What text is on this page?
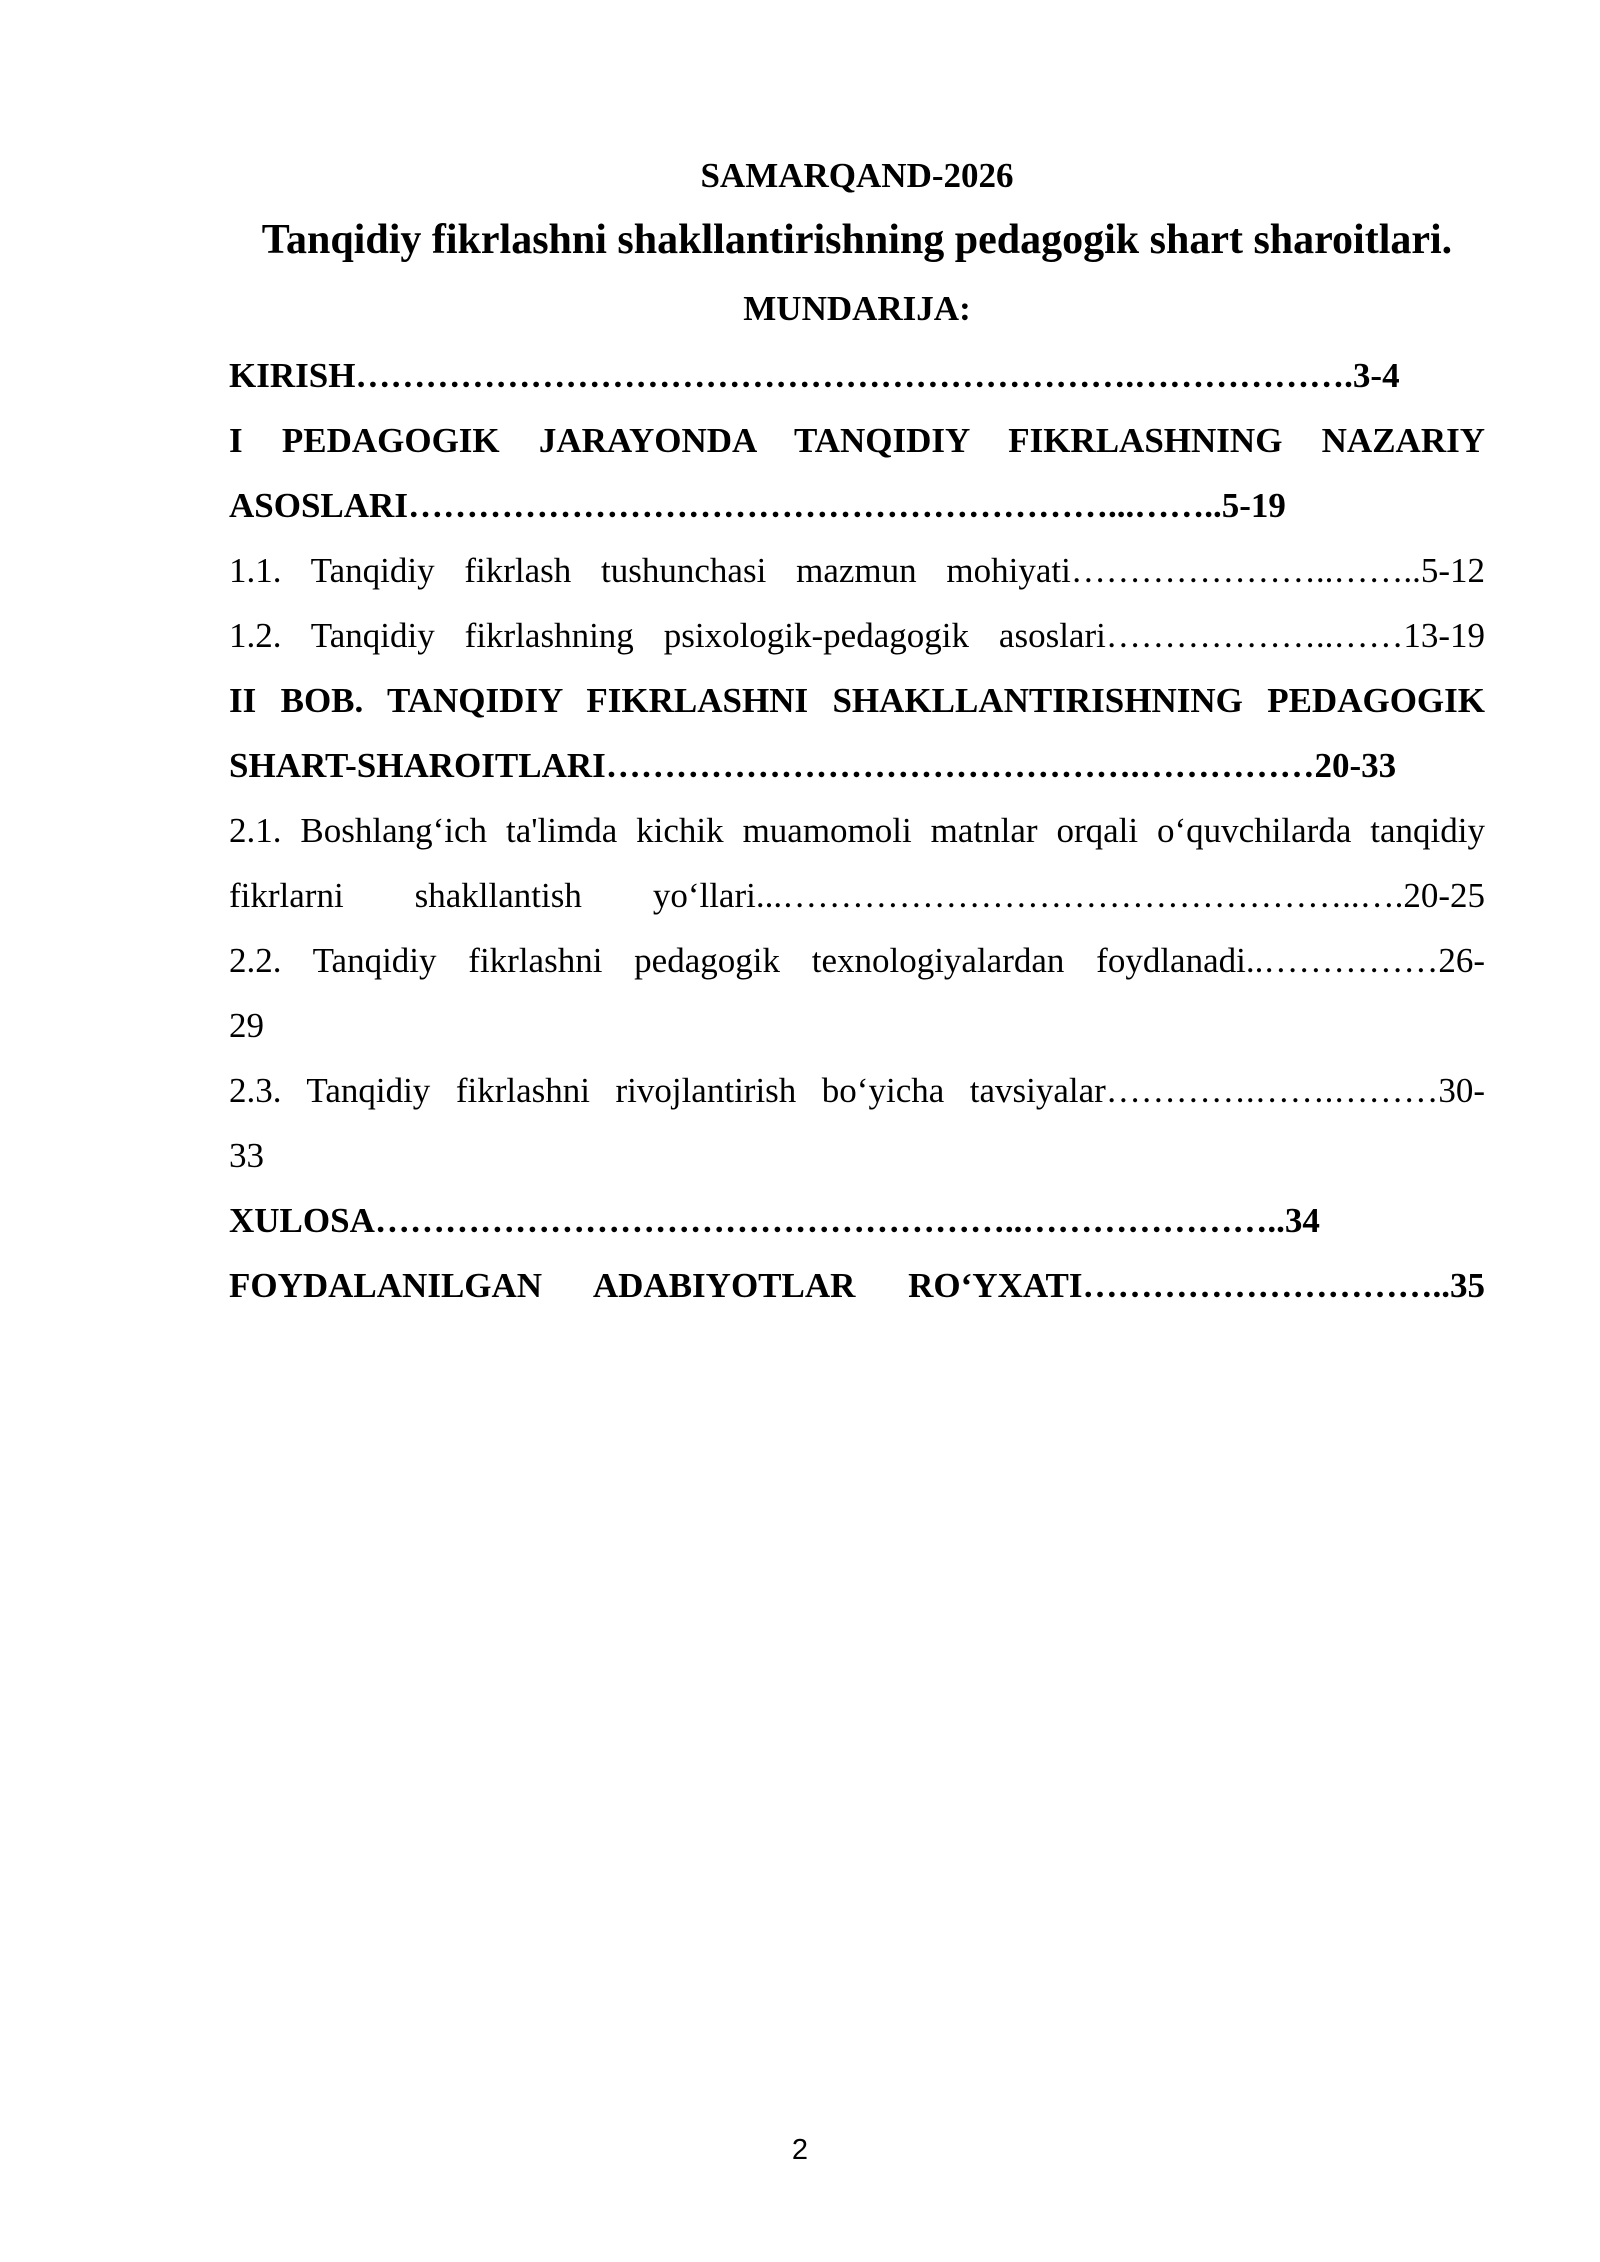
SAMARQAND-2026

Tanqidiy fikrlashni shakllantirishning pedagogik shart sharoitlari.

MUNDARIJA:

KIRISH………………………………………………………….……………….3-4
I PEDAGOGIK JARAYONDA TANQIDIY FIKRLASHNING NAZARIY
ASOSLARI……………………………………………………...……..5-19
1.1. Tanqidiy fikrlash tushunchasi mazmun mohiyati…………………..……..5-12
1.2. Tanqidiy fikrlashning psixologik-pedagogik asoslari………………..……13-19
II BOB. TANQIDIY FIKRLASHNI SHAKLLANTIRISHNING PEDAGOGIK
SHART-SHAROITLARI……………………………………….……………20-33
2.1. Boshlang‘ich ta'limda kichik muamomoli matnlar orqali o‘quvchilarda tanqidiy
fikrlarni shakllantish yo‘llari...…………………………………………..….20-25
2.2. Tanqidiy fikrlashni pedagogik texnologiyalardan foydlanadi..……………26-
29
2.3. Tanqidiy fikrlashni rivojlantirish bo‘yicha tavsiyalar………….…….………30-
33
XULOSA………………………………………………..…………………..34
FOYDALANILGAN ADABIYOTLAR RO‘YXATI…………………………..35
2
